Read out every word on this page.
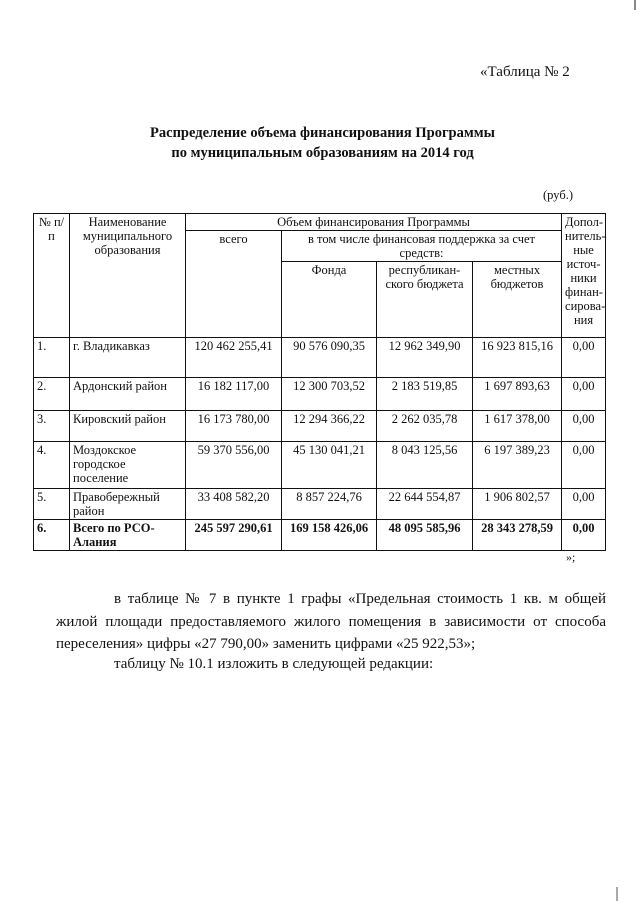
«Таблица № 2
Распределение объема финансирования Программы
по муниципальным образованиям на 2014 год
(руб.)
№ п/п	Наименование муниципального образования	Объем финансирования Программы				Допол-нитель-ные источ-ники финан-сирова-ния
		всего	в том числе финансовая поддержка за счет средств:			
			Фонда	республикан-ского бюджета	местных бюджетов	
1.	г. Владикавказ	120 462 255,41	90 576 090,35	12 962 349,90	16 923 815,16	0,00
2.	Ардонский район	16 182 117,00	12 300 703,52	2 183 519,85	1 697 893,63	0,00
3.	Кировский район	16 173 780,00	12 294 366,22	2 262 035,78	1 617 378,00	0,00
4.	Моздокское городское поселение	59 370 556,00	45 130 041,21	8 043 125,56	6 197 389,23	0,00
5.	Правобережный район	33 408 582,20	8 857 224,76	22 644 554,87	1 906 802,57	0,00
6.	Всего по РСО-Алания	245 597 290,61	169 158 426,06	48 095 585,96	28 343 278,59	0,00
»;
в таблице № 7 в пункте 1 графы «Предельная стоимость 1 кв. м общей жилой площади предоставляемого жилого помещения в зависимости от способа переселения» цифры «27 790,00» заменить цифрами «25 922,53»;
таблицу № 10.1 изложить в следующей редакции:
